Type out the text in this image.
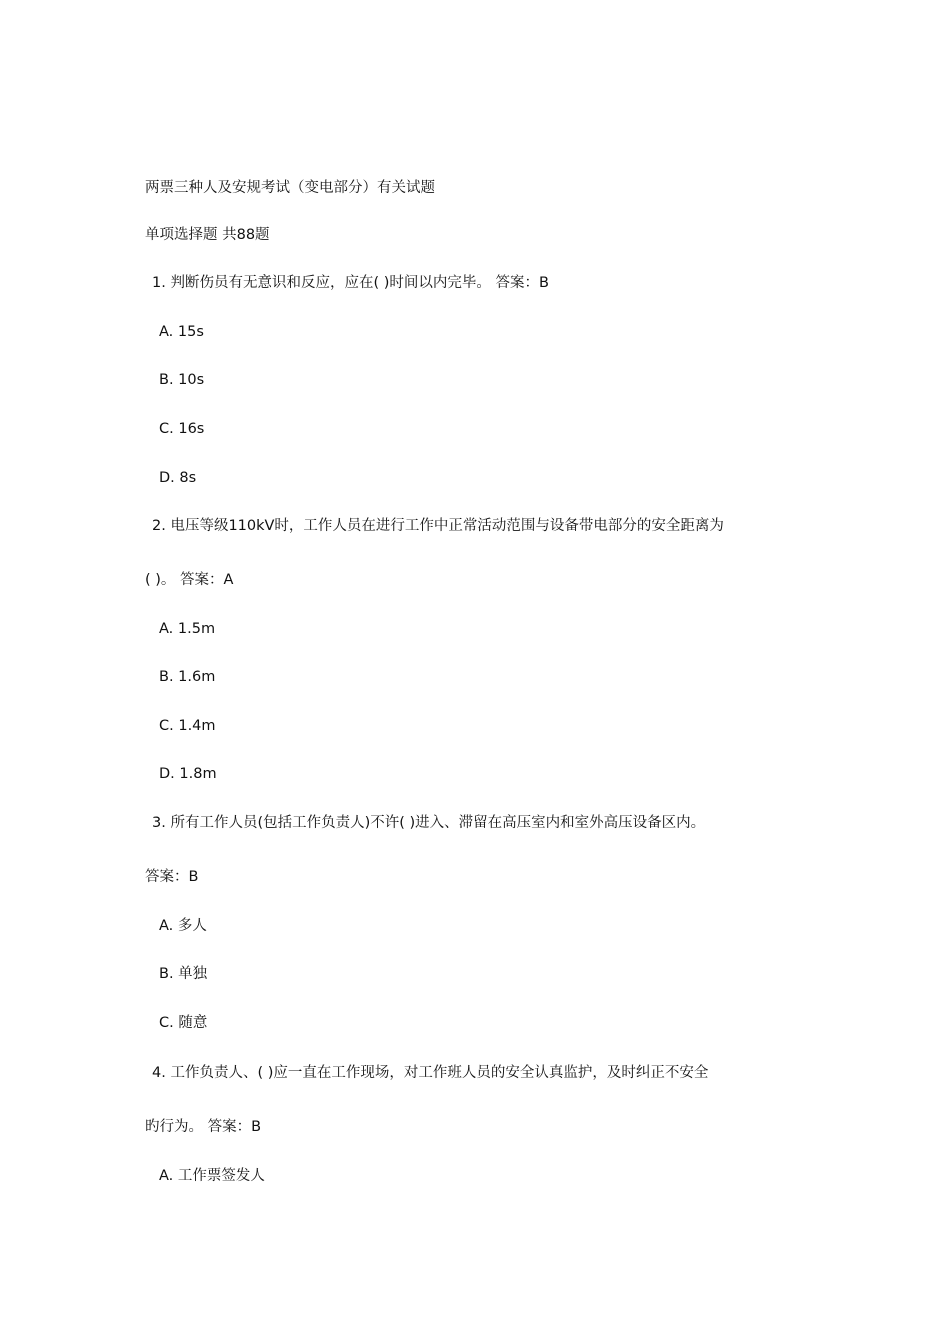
两票三种人及安规考试（变电部分）有关试题
单项选择题 共88题
1. 判断伤员有无意识和反应，应在( )时间以内完毕。 答案：B
A. 15s
B. 10s
C. 16s
D. 8s
2. 电压等级110kV时，工作人员在进行工作中正常活动范围与设备带电部分的安全距离为
( )。 答案：A
A. 1.5m
B. 1.6m
C. 1.4m
D. 1.8m
3. 所有工作人员(包括工作负责人)不许( )进入、滞留在高压室内和室外高压设备区内。
答案：B
A. 多人
B. 单独
C. 随意
4. 工作负责人、( )应一直在工作现场，对工作班人员的安全认真监护，及时纠正不安全
旳行为。 答案：B
A. 工作票签发人
